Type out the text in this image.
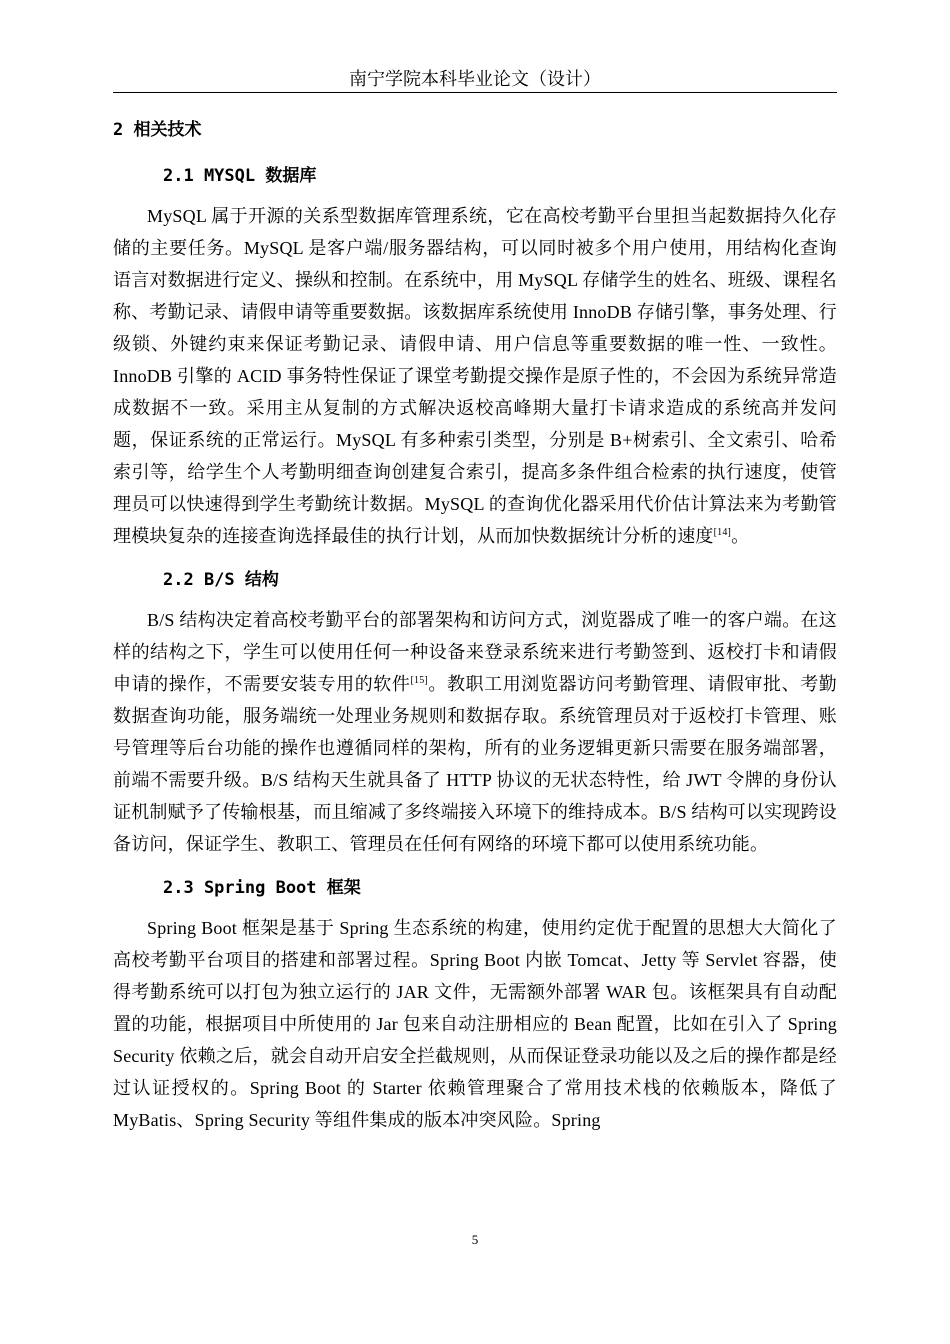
南宁学院本科毕业论文（设计）
2 相关技术
2.1 MYSQL 数据库

MySQL 属于开源的关系型数据库管理系统，它在高校考勤平台里担当起数据持久化存储的主要任务。MySQL 是客户端/服务器结构，可以同时被多个用户使用，用结构化查询语言对数据进行定义、操纵和控制。在系统中，用 MySQL 存储学生的姓名、班级、课程名称、考勤记录、请假申请等重要数据。该数据库系统使用 InnoDB 存储引擎，事务处理、行级锁、外键约束来保证考勤记录、请假申请、用户信息等重要数据的唯一性、一致性。InnoDB 引擎的 ACID 事务特性保证了课堂考勤提交操作是原子性的，不会因为系统异常造成数据不一致。采用主从复制的方式解决返校高峰期大量打卡请求造成的系统高并发问题，保证系统的正常运行。MySQL 有多种索引类型，分别是 B+树索引、全文索引、哈希索引等，给学生个人考勤明细查询创建复合索引，提高多条件组合检索的执行速度，使管理员可以快速得到学生考勤统计数据。MySQL 的查询优化器采用代价估计算法来为考勤管理模块复杂的连接查询选择最佳的执行计划，从而加快数据统计分析的速度[14]。

2.2 B/S 结构

B/S 结构决定着高校考勤平台的部署架构和访问方式，浏览器成了唯一的客户端。在这样的结构之下，学生可以使用任何一种设备来登录系统来进行考勤签到、返校打卡和请假申请的操作，不需要安装专用的软件[15]。教职工用浏览器访问考勤管理、请假审批、考勤数据查询功能，服务端统一处理业务规则和数据存取。系统管理员对于返校打卡管理、账号管理等后台功能的操作也遵循同样的架构，所有的业务逻辑更新只需要在服务端部署，前端不需要升级。B/S 结构天生就具备了 HTTP 协议的无状态特性，给 JWT 令牌的身份认证机制赋予了传输根基，而且缩减了多终端接入环境下的维持成本。B/S 结构可以实现跨设备访问，保证学生、教职工、管理员在任何有网络的环境下都可以使用系统功能。

2.3 Spring Boot 框架

Spring Boot 框架是基于 Spring 生态系统的构建，使用约定优于配置的思想大大简化了高校考勤平台项目的搭建和部署过程。Spring Boot 内嵌 Tomcat、Jetty 等 Servlet 容器，使得考勤系统可以打包为独立运行的 JAR 文件，无需额外部署 WAR 包。该框架具有自动配置的功能，根据项目中所使用的 Jar 包来自动注册相应的 Bean 配置，比如在引入了 Spring Security 依赖之后，就会自动开启安全拦截规则，从而保证登录功能以及之后的操作都是经过认证授权的。Spring Boot 的 Starter 依赖管理聚合了常用技术栈的依赖版本，降低了 MyBatis、Spring Security 等组件集成的版本冲突风险。Spring

5
